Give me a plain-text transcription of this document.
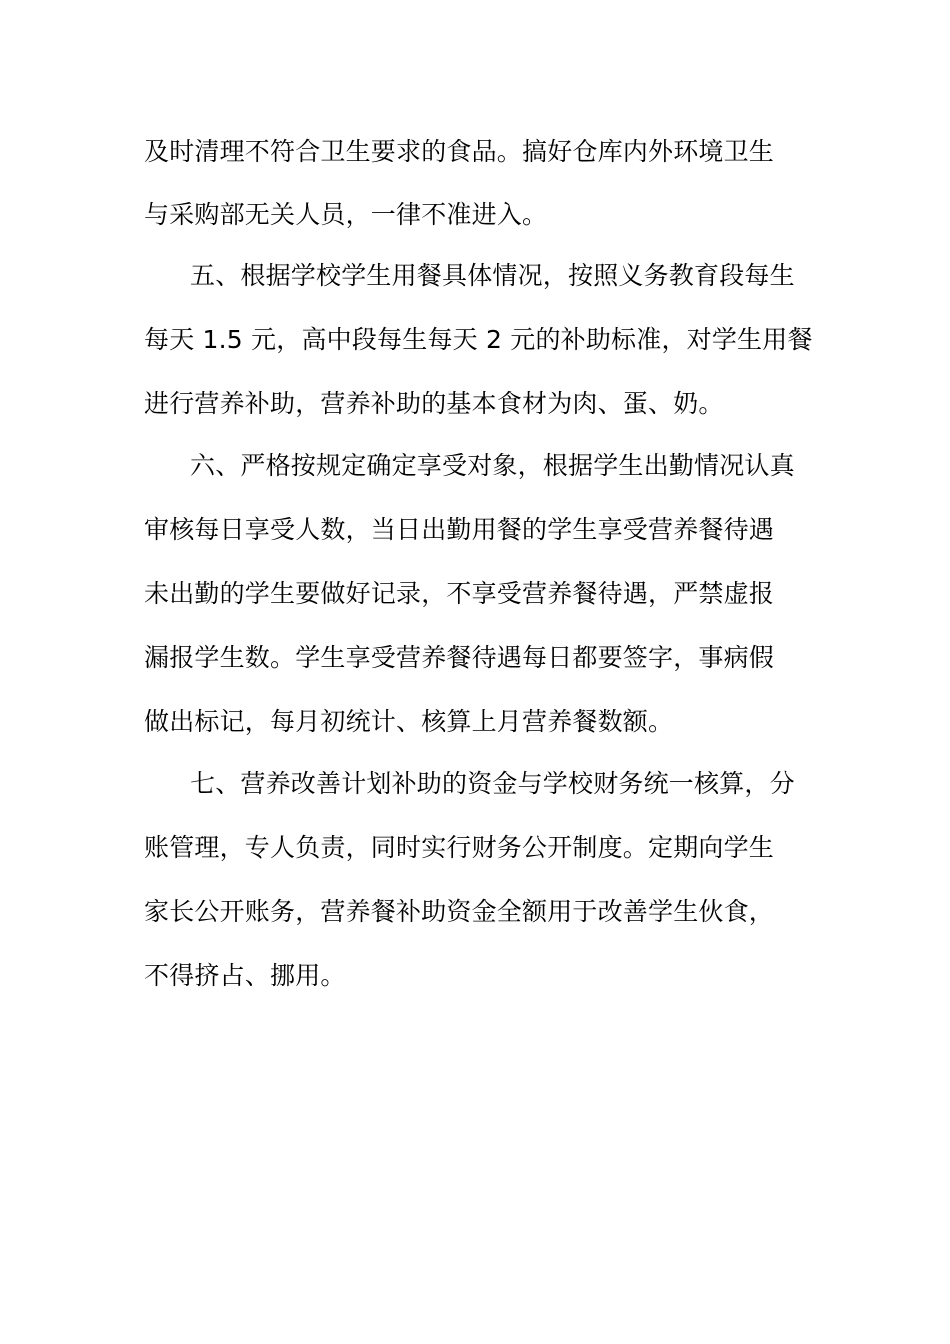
及时清理不符合卫生要求的食品。搞好仓库内外环境卫生
与采购部无关人员，一律不准进入。
五、根据学校学生用餐具体情况，按照义务教育段每生
每天 1.5 元，高中段每生每天 2 元的补助标准，对学生用餐
进行营养补助，营养补助的基本食材为肉、蛋、奶。
六、严格按规定确定享受对象，根据学生出勤情况认真
审核每日享受人数，当日出勤用餐的学生享受营养餐待遇
未出勤的学生要做好记录，不享受营养餐待遇，严禁虚报
漏报学生数。学生享受营养餐待遇每日都要签字，事病假
做出标记，每月初统计、核算上月营养餐数额。
七、营养改善计划补助的资金与学校财务统一核算，分
账管理，专人负责，同时实行财务公开制度。定期向学生
家长公开账务，营养餐补助资金全额用于改善学生伙食，
不得挤占、挪用。
